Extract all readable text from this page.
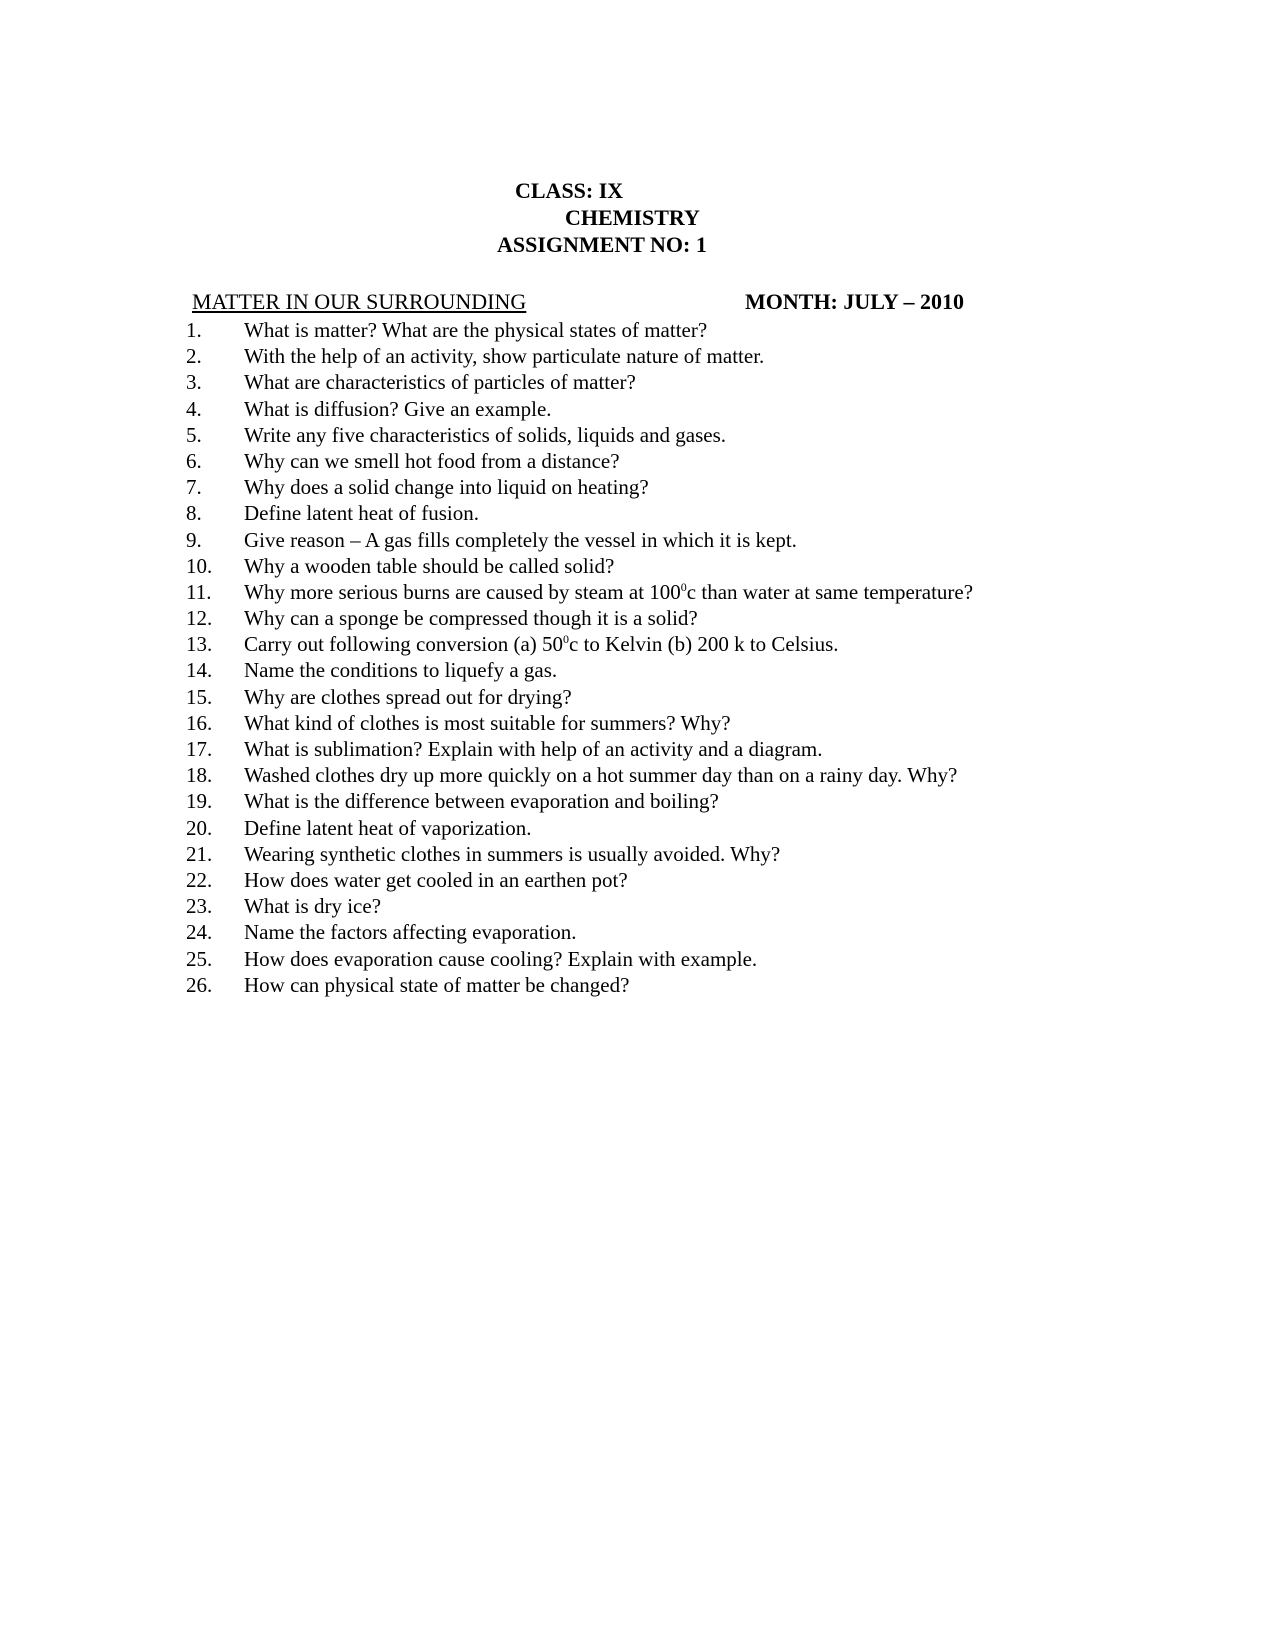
CLASS: IX
CHEMISTRY
ASSIGNMENT NO: 1
MATTER IN OUR SURROUNDING	MONTH: JULY – 2010
1.	What is matter? What are the physical states of matter?
2.	With the help of an activity, show particulate nature of matter.
3.	What are characteristics of particles of matter?
4.	What is diffusion? Give an example.
5.	Write any five characteristics of solids, liquids and gases.
6.	Why can we smell hot food from a distance?
7.	Why does a solid change into liquid on heating?
8.	Define latent heat of fusion.
9.	Give reason – A gas fills completely the vessel in which it is kept.
10.	Why a wooden table should be called solid?
11.	Why more serious burns are caused by steam at $100^0c$ than water at same temperature?
12.	Why can a sponge be compressed though it is a solid?
13.	Carry out following conversion (a) $50^0c$ to Kelvin (b) 200 k to Celsius.
14.	Name the conditions to liquefy a gas.
15.	Why are clothes spread out for drying?
16.	What kind of clothes is most suitable for summers? Why?
17.	What is sublimation? Explain with help of an activity and a diagram.
18.	Washed clothes dry up more quickly on a hot summer day than on a rainy day. Why?
19.	What is the difference between evaporation and boiling?
20.	Define latent heat of vaporization.
21.	Wearing synthetic clothes in summers is usually avoided. Why?
22.	How does water get cooled in an earthen pot?
23.	What is dry ice?
24.	Name the factors affecting evaporation.
25.	How does evaporation cause cooling? Explain with example.
26.	How can physical state of matter be changed?
